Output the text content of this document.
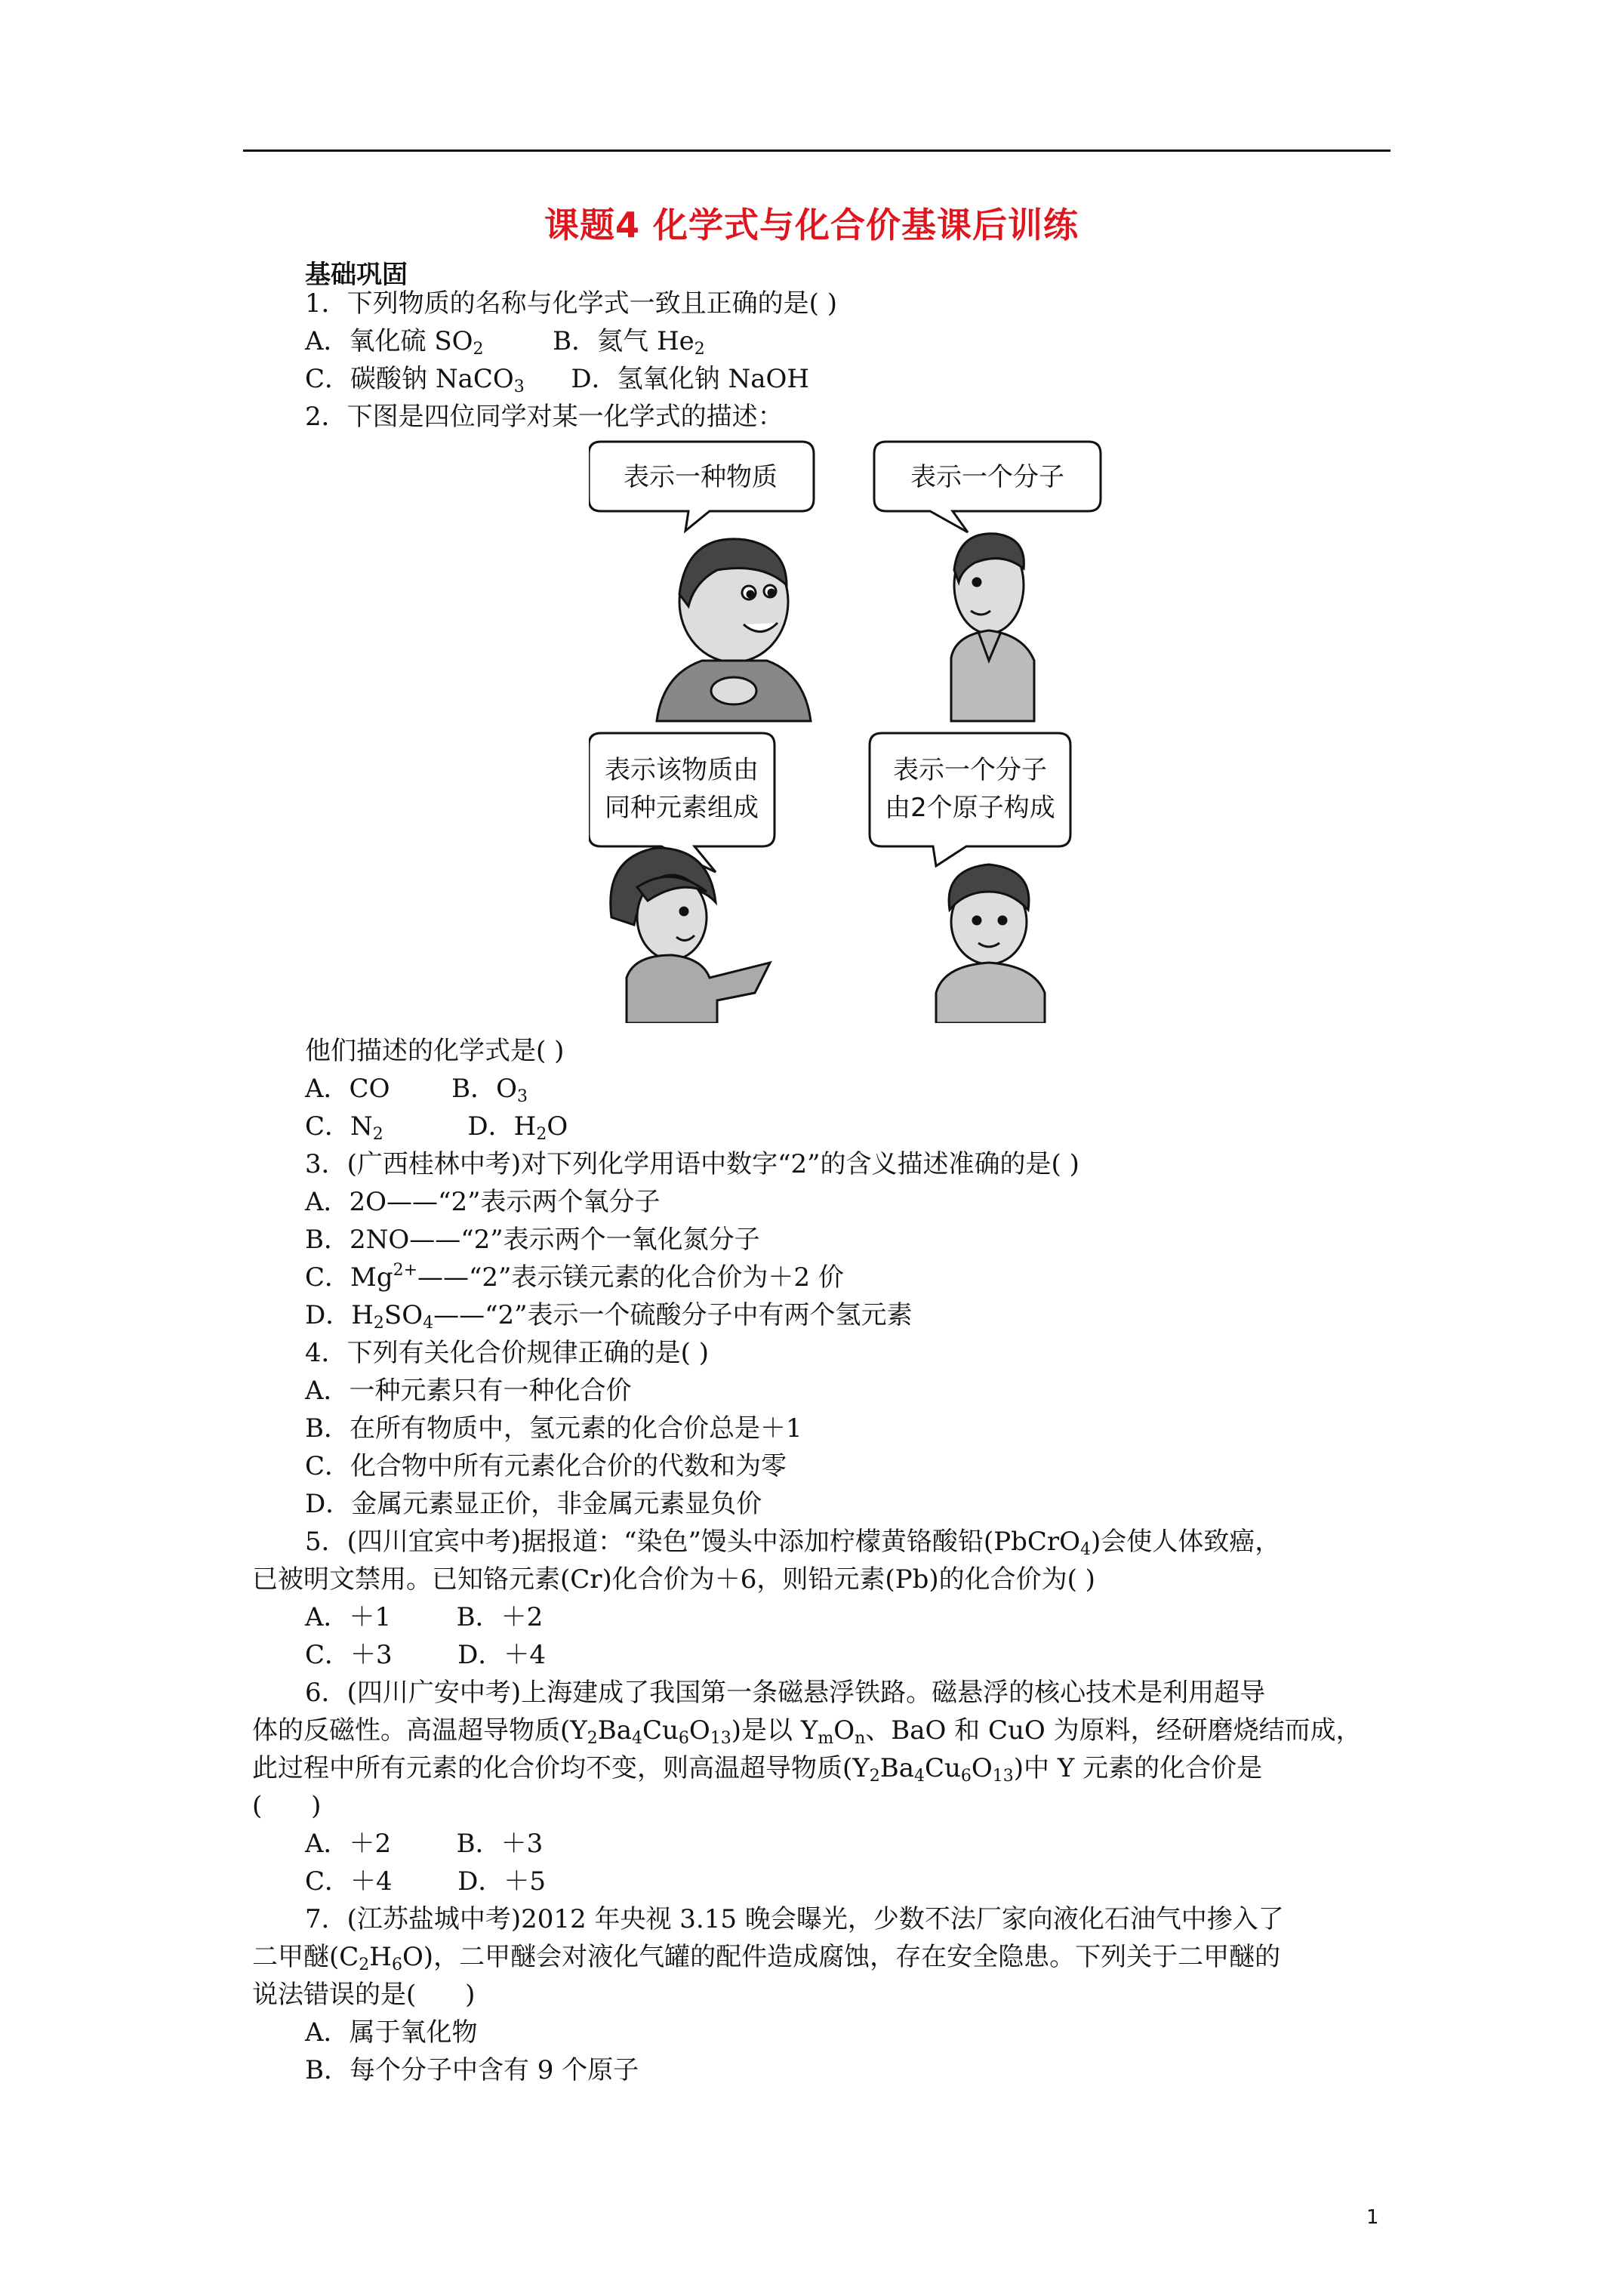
课题4 化学式与化合价基课后训练
基础巩固
1．下列物质的名称与化学式一致且正确的是( )
A．氧化硫 $SO_2$	B．氦气 $He_2$
C．碳酸钠 NaCO$_3$ D．氢氧化钠 NaOH
2．下图是四位同学对某一化学式的描述：
表示一种物质	表示一个分子
表示该物质由
同种元素组成
表示一个分子
由2个原子构成
他们描述的化学式是( )
A．CO B．$O_3$
C．$N_2$	D．$H_2O$
3．(广西桂林中考)对下列化学用语中数字“2”的含义描述准确的是( )
A．2O——“2”表示两个氧分子
B．2NO——“2”表示两个一氧化氮分子
C．$Mg^{2+}——“2$”表示镁元素的化合价为＋2 价
D．$H_2SO_4——“2$”表示一个硫酸分子中有两个氢元素
4．下列有关化合价规律正确的是( )
A．一种元素只有一种化合价
B．在所有物质中，氢元素的化合价总是＋1
C．化合物中所有元素化合价的代数和为零
D．金属元素显正价，非金属元素显负价
5．(四川宜宾中考)据报道：“染色”馒头中添加柠檬黄铬酸铅(PbCrO$_4$)会使人体致癌，
已被明文禁用。已知铬元素(Cr)化合价为＋6，则铅元素(Pb)的化合价为( )
A．＋1        B．＋2
C．＋3        D．＋4
6．(四川广安中考)上海建成了我国第一条磁悬浮铁路。磁悬浮的核心技术是利用超导
体的反磁性。高温超导物质$(Y_2Ba_4Cu_6O_{13})$是以 $Y_mO_n$、BaO 和 CuO 为原料，经研磨烧结而成，
此过程中所有元素的化合价均不变，则高温超导物质$(Y_2Ba_4Cu_6O_{13})$中 Y 元素的化合价是
(      )
A．＋2        B．＋3
C．＋4        D．＋5
7．(江苏盐城中考)2012 年央视 3.15 晚会曝光，少数不法厂家向液化石油气中掺入了
二甲醚$(C_2H_6O)$，二甲醚会对液化气罐的配件造成腐蚀，存在安全隐患。下列关于二甲醚的
说法错误的是(      )
A．属于氧化物
B．每个分子中含有 9 个原子
1
